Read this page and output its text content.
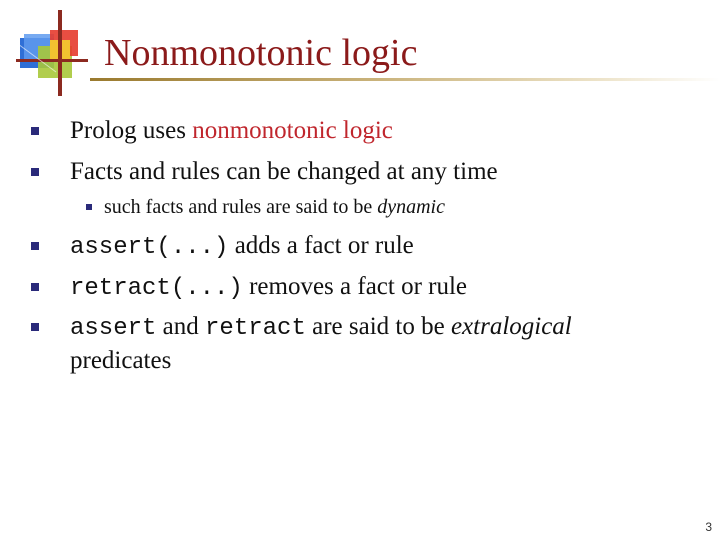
Nonmonotonic logic
Prolog uses nonmonotonic logic
Facts and rules can be changed at any time
such facts and rules are said to be dynamic
assert(...) adds a fact or rule
retract(...) removes a fact or rule
assert and retract are said to be extralogical
predicates
3
